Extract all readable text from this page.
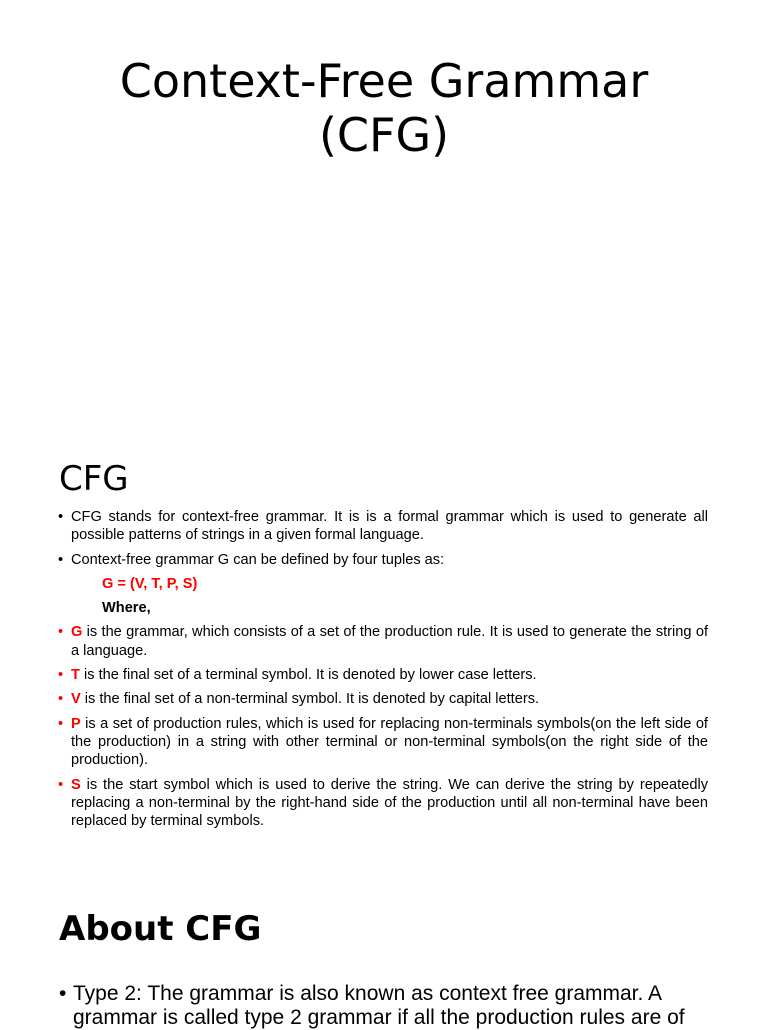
Context-Free Grammar
(CFG)
CFG
• CFG stands for context-free grammar. It is is a formal grammar which is used to generate all possible patterns of strings in a given formal language.
• Context-free grammar G can be defined by four tuples as:
G = (V, T, P, S)
Where,
• G is the grammar, which consists of a set of the production rule. It is used to generate the string of a language.
• T is the final set of a terminal symbol. It is denoted by lower case letters.
• V is the final set of a non-terminal symbol. It is denoted by capital letters.
• P is a set of production rules, which is used for replacing non-terminals symbols(on the left side of the production) in a string with other terminal or non-terminal symbols(on the right side of the production).
• S is the start symbol which is used to derive the string. We can derive the string by repeatedly replacing a non-terminal by the right-hand side of the production until all non-terminal have been replaced by terminal symbols.
About CFG
• Type 2: The grammar is also known as context free grammar. A grammar is called type 2 grammar if all the production rules are of
